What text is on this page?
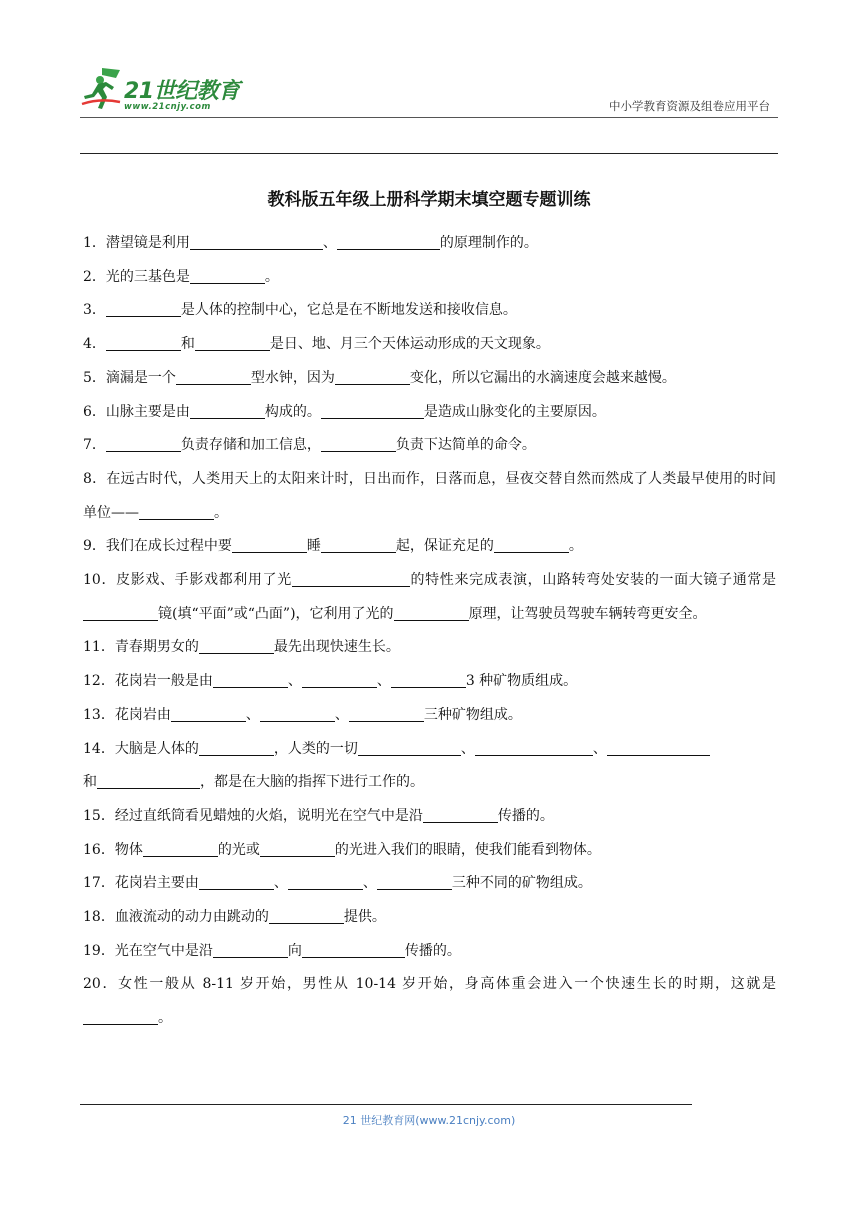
21世纪教育
www.21cnjy.com	中小学教育资源及组卷应用平台
教科版五年级上册科学期末填空题专题训练

1．潜望镜是利用	、	的原理制作的。

2．光的三基色是	。

3．	是人体的控制中心，它总是在不断地发送和接收信息。

4．	和	是日、地、月三个天体运动形成的天文现象。

5．滴漏是一个	型水钟，因为	变化，所以它漏出的水滴速度会越来越慢。

6．山脉主要是由	构成的。	是造成山脉变化的主要原因。

7．	负责存储和加工信息，	负责下达简单的命令。

8．在远古时代，人类用天上的太阳来计时，日出而作，日落而息，昼夜交替自然而然成了人类最早使用的时间单位——	。

9．我们在成长过程中要	睡	起，保证充足的	。

10．皮影戏、手影戏都利用了光	的特性来完成表演，山路转弯处安装的一面大镜子通常是镜(填“平面”或“凸面”)，它利用了光的	原理，让驾驶员驾驶车辆转弯更安全。

11．青春期男女的	最先出现快速生长。

12．花岗岩一般是由	、	、	3 种矿物质组成。

13．花岗岩由	、	、	三种矿物组成。

14．大脑是人体的	，人类的一切	、	、
和	，都是在大脑的指挥下进行工作的。

15．经过直纸筒看见蜡烛的火焰，说明光在空气中是沿	传播的。

16．物体	的光或	的光进入我们的眼睛，使我们能看到物体。

17．花岗岩主要由	、	、	三种不同的矿物组成。

18．血液流动的动力由跳动的	提供。

19．光在空气中是沿	向	传播的。

20．女性一般从 8-11 岁开始，男性从 10-14 岁开始，身高体重会进入一个快速生长的时期，这就是。

21 世纪教育网(www.21cnjy.com)
